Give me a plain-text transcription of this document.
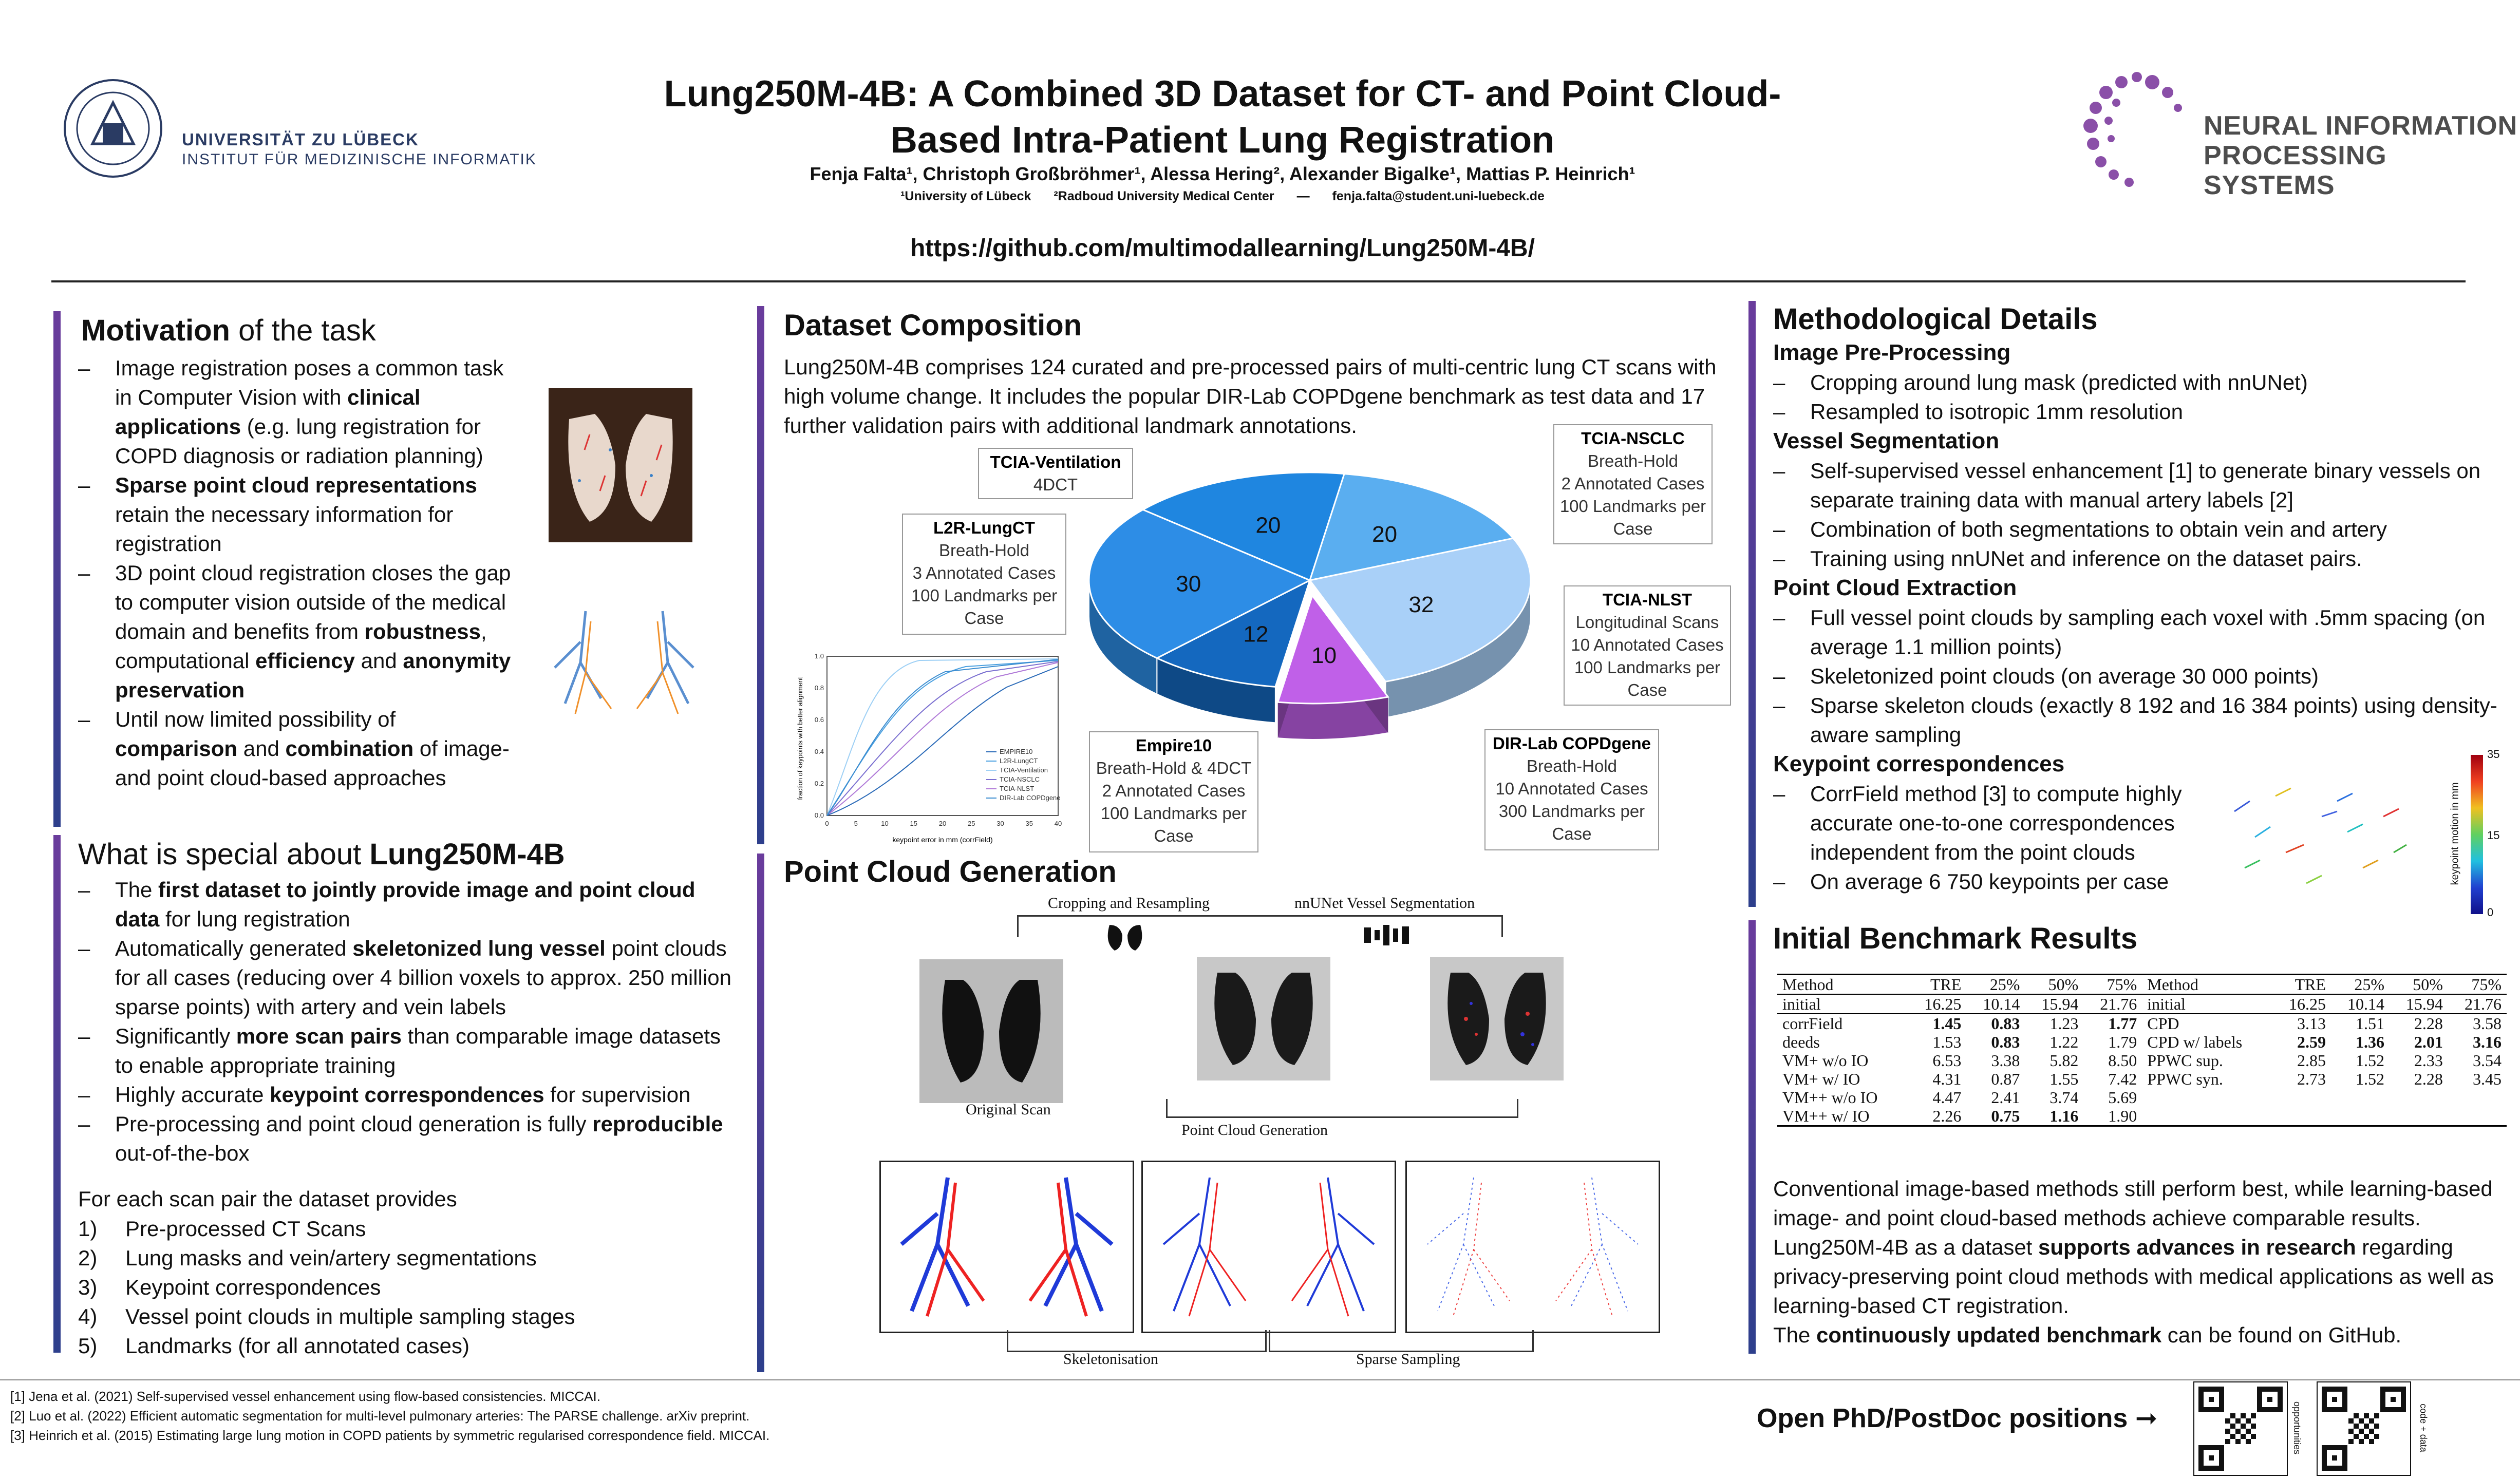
UNIVERSITÄT ZU LÜBECK
INSTITUT FÜR MEDIZINISCHE INFORMATIK
Lung250M-4B: A Combined 3D Dataset for CT- and Point Cloud-
Based Intra-Patient Lung Registration
Fenja Falta¹, Christoph Großbröhmer¹, Alessa Hering², Alexander Bigalke¹, Mattias P. Heinrich¹
¹University of Lübeck ²Radboud University Medical Center — fenja.falta@student.uni-luebeck.de
https://github.com/multimodallearning/Lung250M-4B/
NEURAL INFORMATION
PROCESSING SYSTEMS
Motivation of the task
– Image registration poses a common task in Computer Vision with clinical applications (e.g. lung registration for COPD diagnosis or radiation planning)
– Sparse point cloud representations retain the necessary information for registration
– 3D point cloud registration closes the gap to computer vision outside of the medical domain and benefits from robustness, computational efficiency and anonymity preservation
– Until now limited possibility of comparison and combination of image- and point cloud-based approaches
What is special about Lung250M-4B
– The first dataset to jointly provide image and point cloud data for lung registration
– Automatically generated skeletonized lung vessel point clouds for all cases (reducing over 4 billion voxels to approx. 250 million sparse points) with artery and vein labels
– Significantly more scan pairs than comparable image datasets to enable appropriate training
– Highly accurate keypoint correspondences for supervision
– Pre-processing and point cloud generation is fully reproducible out-of-the-box
For each scan pair the dataset provides
1) Pre-processed CT Scans
2) Lung masks and vein/artery segmentations
3) Keypoint correspondences
4) Vessel point clouds in multiple sampling stages
5) Landmarks (for all annotated cases)
Dataset Composition
Lung250M-4B comprises 124 curated and pre-processed pairs of multi-centric lung CT scans with high volume change. It includes the popular DIR-Lab COPDgene benchmark as test data and 17 further validation pairs with additional landmark annotations.
20	20
32
10
12
30
TCIA-Ventilation
4DCT
TCIA-NSCLC
Breath-Hold
2 Annotated Cases
100 Landmarks per Case
L2R-LungCT
Breath-Hold
3 Annotated Cases
100 Landmarks per Case
TCIA-NLST
Longitudinal Scans
10 Annotated Cases
100 Landmarks per Case
Empire10
Breath-Hold & 4DCT
2 Annotated Cases
100 Landmarks per Case
DIR-Lab COPDgene
Breath-Hold
10 Annotated Cases
300 Landmarks per Case
EMPIRE10
L2R-LungCT
TCIA-Ventilation
TCIA-NSCLC
TCIA-NLST
DIR-Lab COPDgene
0	5	10	15	20	25	30	35	40
0.0
0.2
0.4
0.6
0.8
1.0
keypoint error in mm (corrField)
fraction of keypoints with better alignment
Point Cloud Generation
Cropping and Resampling	nnUNet Vessel Segmentation
Original Scan
Point Cloud Generation
Skeletonisation	Sparse Sampling
Methodological Details
Image Pre-Processing
– Cropping around lung mask (predicted with nnUNet)
– Resampled to isotropic 1mm resolution
Vessel Segmentation
– Self-supervised vessel enhancement [1] to generate binary vessels on separate training data with manual artery labels [2]
– Combination of both segmentations to obtain vein and artery
– Training using nnUNet and inference on the dataset pairs.
Point Cloud Extraction
– Full vessel point clouds by sampling each voxel with .5mm spacing (on average 1.1 million points)
– Skeletonized point clouds (on average 30 000 points)
– Sparse skeleton clouds (exactly 8 192 and 16 384 points) using density-aware sampling
Keypoint correspondences
– CorrField method [3] to compute highly accurate one-to-one correspondences independent from the point clouds
– On average 6 750 keypoints per case
35
15
0
keypoint motion in mm
Initial Benchmark Results
Method	TRE	25%	50%	75%	Method	TRE	25%	50%	75%
initial	16.25	10.14	15.94	21.76	initial	16.25	10.14	15.94	21.76
corrField	1.45	0.83	1.23	1.77	CPD	3.13	1.51	2.28	3.58
deeds	1.53	0.83	1.22	1.79	CPD w/ labels	2.59	1.36	2.01	3.16
VM+ w/o IO	6.53	3.38	5.82	8.50	PPWC sup.	2.85	1.52	2.33	3.54
VM+ w/ IO	4.31	0.87	1.55	7.42	PPWC syn.	2.73	1.52	2.28	3.45
VM++ w/o IO	4.47	2.41	3.74	5.69					
VM++ w/ IO	2.26	0.75	1.16	1.90					
Conventional image-based methods still perform best, while learning-based image- and point cloud-based methods achieve comparable results. Lung250M-4B as a dataset supports advances in research regarding privacy-preserving point cloud methods with medical applications as well as learning-based CT registration.
The continuously updated benchmark can be found on GitHub.
[1] Jena et al. (2021) Self-supervised vessel enhancement using flow-based consistencies. MICCAI.
[2] Luo et al. (2022) Efficient automatic segmentation for multi-level pulmonary arteries: The PARSE challenge. arXiv preprint.
[3] Heinrich et al. (2015) Estimating large lung motion in COPD patients by symmetric regularised correspondence field. MICCAI.
Open PhD/PostDoc positions ➞	opportunities	code + data
